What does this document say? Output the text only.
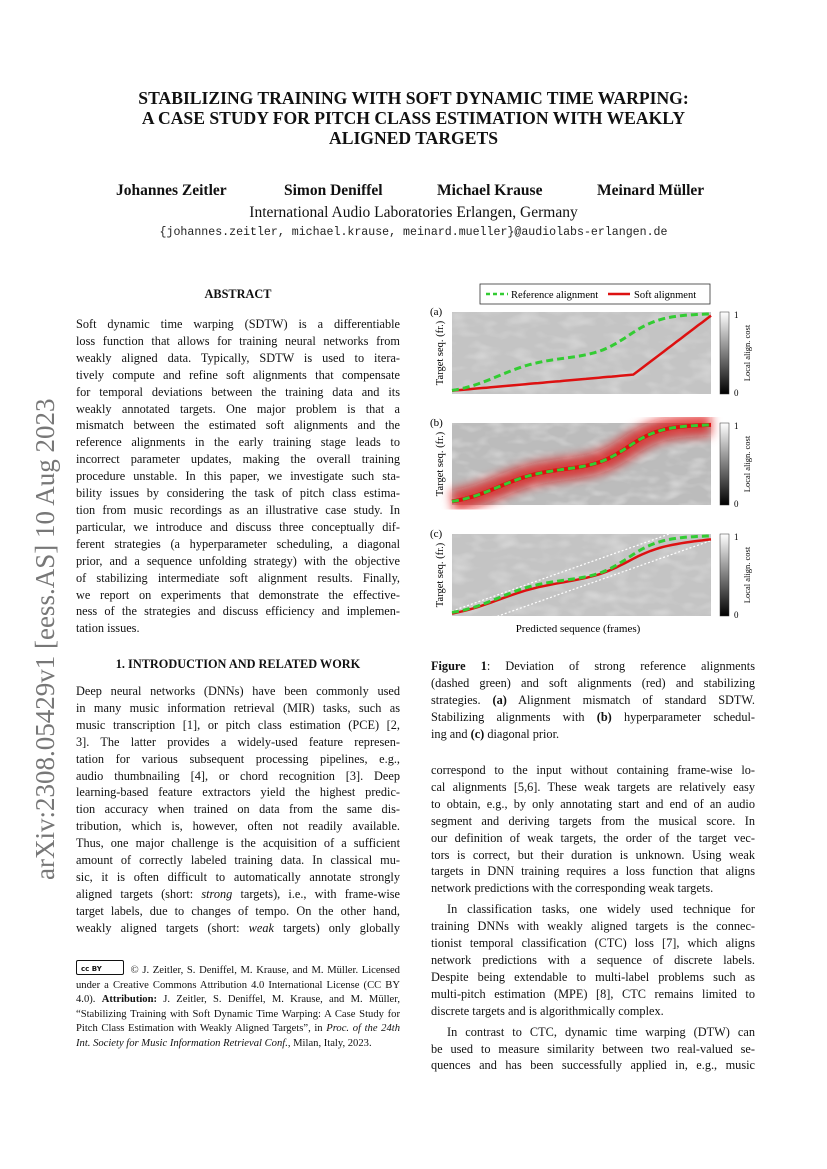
arXiv:2308.05429v1 [eess.AS] 10 Aug 2023
STABILIZING TRAINING WITH SOFT DYNAMIC TIME WARPING:
A CASE STUDY FOR PITCH CLASS ESTIMATION WITH WEAKLY
ALIGNED TARGETS
Johannes Zeitler	Simon Deniffel	Michael Krause	Meinard Müller
International Audio Laboratories Erlangen, Germany
{johannes.zeitler, michael.krause, meinard.mueller}@audiolabs-erlangen.de
ABSTRACT
Soft dynamic time warping (SDTW) is a differentiable
loss function that allows for training neural networks from
weakly aligned data. Typically, SDTW is used to itera-
tively compute and refine soft alignments that compensate
for temporal deviations between the training data and its
weakly annotated targets. One major problem is that a
mismatch between the estimated soft alignments and the
reference alignments in the early training stage leads to
incorrect parameter updates, making the overall training
procedure unstable. In this paper, we investigate such sta-
bility issues by considering the task of pitch class estima-
tion from music recordings as an illustrative case study. In
particular, we introduce and discuss three conceptually dif-
ferent strategies (a hyperparameter scheduling, a diagonal
prior, and a sequence unfolding strategy) with the objective
of stabilizing intermediate soft alignment results. Finally,
we report on experiments that demonstrate the effective-
ness of the strategies and discuss efficiency and implemen-
tation issues.
1. INTRODUCTION AND RELATED WORK
Deep neural networks (DNNs) have been commonly used
in many music information retrieval (MIR) tasks, such as
music transcription [1], or pitch class estimation (PCE) [2,
3]. The latter provides a widely-used feature represen-
tation for various subsequent processing pipelines, e.g.,
audio thumbnailing [4], or chord recognition [3]. Deep
learning-based feature extractors yield the highest predic-
tion accuracy when trained on data from the same dis-
tribution, which is, however, often not readily available.
Thus, one major challenge is the acquisition of a sufficient
amount of correctly labeled training data. In classical mu-
sic, it is often difficult to automatically annotate strongly
aligned targets (short: strong targets), i.e., with frame-wise
target labels, due to changes of tempo. On the other hand,
weakly aligned targets (short: weak targets) only globally
cc BY	© J. Zeitler, S. Deniffel, M. Krause, and M. Müller. Licensed under a Creative Commons Attribution 4.0 International License (CC BY 4.0). Attribution: J. Zeitler, S. Deniffel, M. Krause, and M. Müller, “Stabilizing Training with Soft Dynamic Time Warping: A Case Study for Pitch Class Estimation with Weakly Aligned Targets”, in Proc. of the 24th Int. Society for Music Information Retrieval Conf., Milan, Italy, 2023.
Reference alignment	Soft alignment
(a)
Target seq. (fr.)
1
0
Local align. cost
(b)
Target seq. (fr.)
1
0
Local align. cost
(c)
Target seq. (fr.)
1
0
Local align. cost
Predicted sequence (frames)
Figure 1: Deviation of strong reference alignments
(dashed green) and soft alignments (red) and stabilizing
strategies. (a) Alignment mismatch of standard SDTW.
Stabilizing alignments with (b) hyperparameter schedul-
ing and (c) diagonal prior.
correspond to the input without containing frame-wise lo-
cal alignments [5,6]. These weak targets are relatively easy
to obtain, e.g., by only annotating start and end of an audio
segment and deriving targets from the musical score. In
our definition of weak targets, the order of the target vec-
tors is correct, but their duration is unknown. Using weak
targets in DNN training requires a loss function that aligns
network predictions with the corresponding weak targets.
In classification tasks, one widely used technique for
training DNNs with weakly aligned targets is the connec-
tionist temporal classification (CTC) loss [7], which aligns
network predictions with a sequence of discrete labels.
Despite being extendable to multi-label problems such as
multi-pitch estimation (MPE) [8], CTC remains limited to
discrete targets and is algorithmically complex.
In contrast to CTC, dynamic time warping (DTW) can
be used to measure similarity between two real-valued se-
quences and has been successfully applied in, e.g., music
